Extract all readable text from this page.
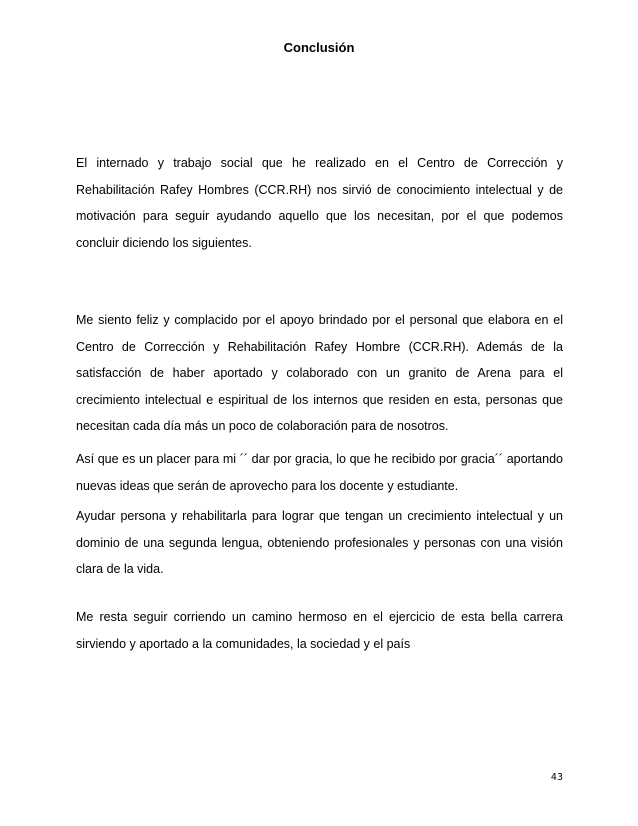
Conclusión

El internado y trabajo social que he realizado en el Centro de Corrección y Rehabilitación Rafey Hombres (CCR.RH) nos sirvió de conocimiento intelectual y de motivación para seguir ayudando aquello que los necesitan, por el que podemos concluir diciendo los siguientes.

Me siento feliz y complacido por el apoyo brindado por el personal que elabora en el Centro de Corrección y Rehabilitación Rafey Hombre (CCR.RH). Además de la satisfacción de haber aportado y colaborado con un granito de Arena para el crecimiento intelectual e espiritual de los internos que residen en esta, personas que necesitan cada día más un poco de colaboración para de nosotros.

Así que es un placer para mi ´´ dar por gracia, lo que he recibido por gracia´´ aportando nuevas ideas que serán de aprovecho para los docente y estudiante.

Ayudar persona y rehabilitarla para lograr que tengan un crecimiento intelectual y un dominio de una segunda lengua, obteniendo profesionales y personas con una visión clara de la vida.

Me resta seguir corriendo un camino hermoso en el ejercicio de esta bella carrera sirviendo y aportado a la comunidades, la sociedad y el país

43
